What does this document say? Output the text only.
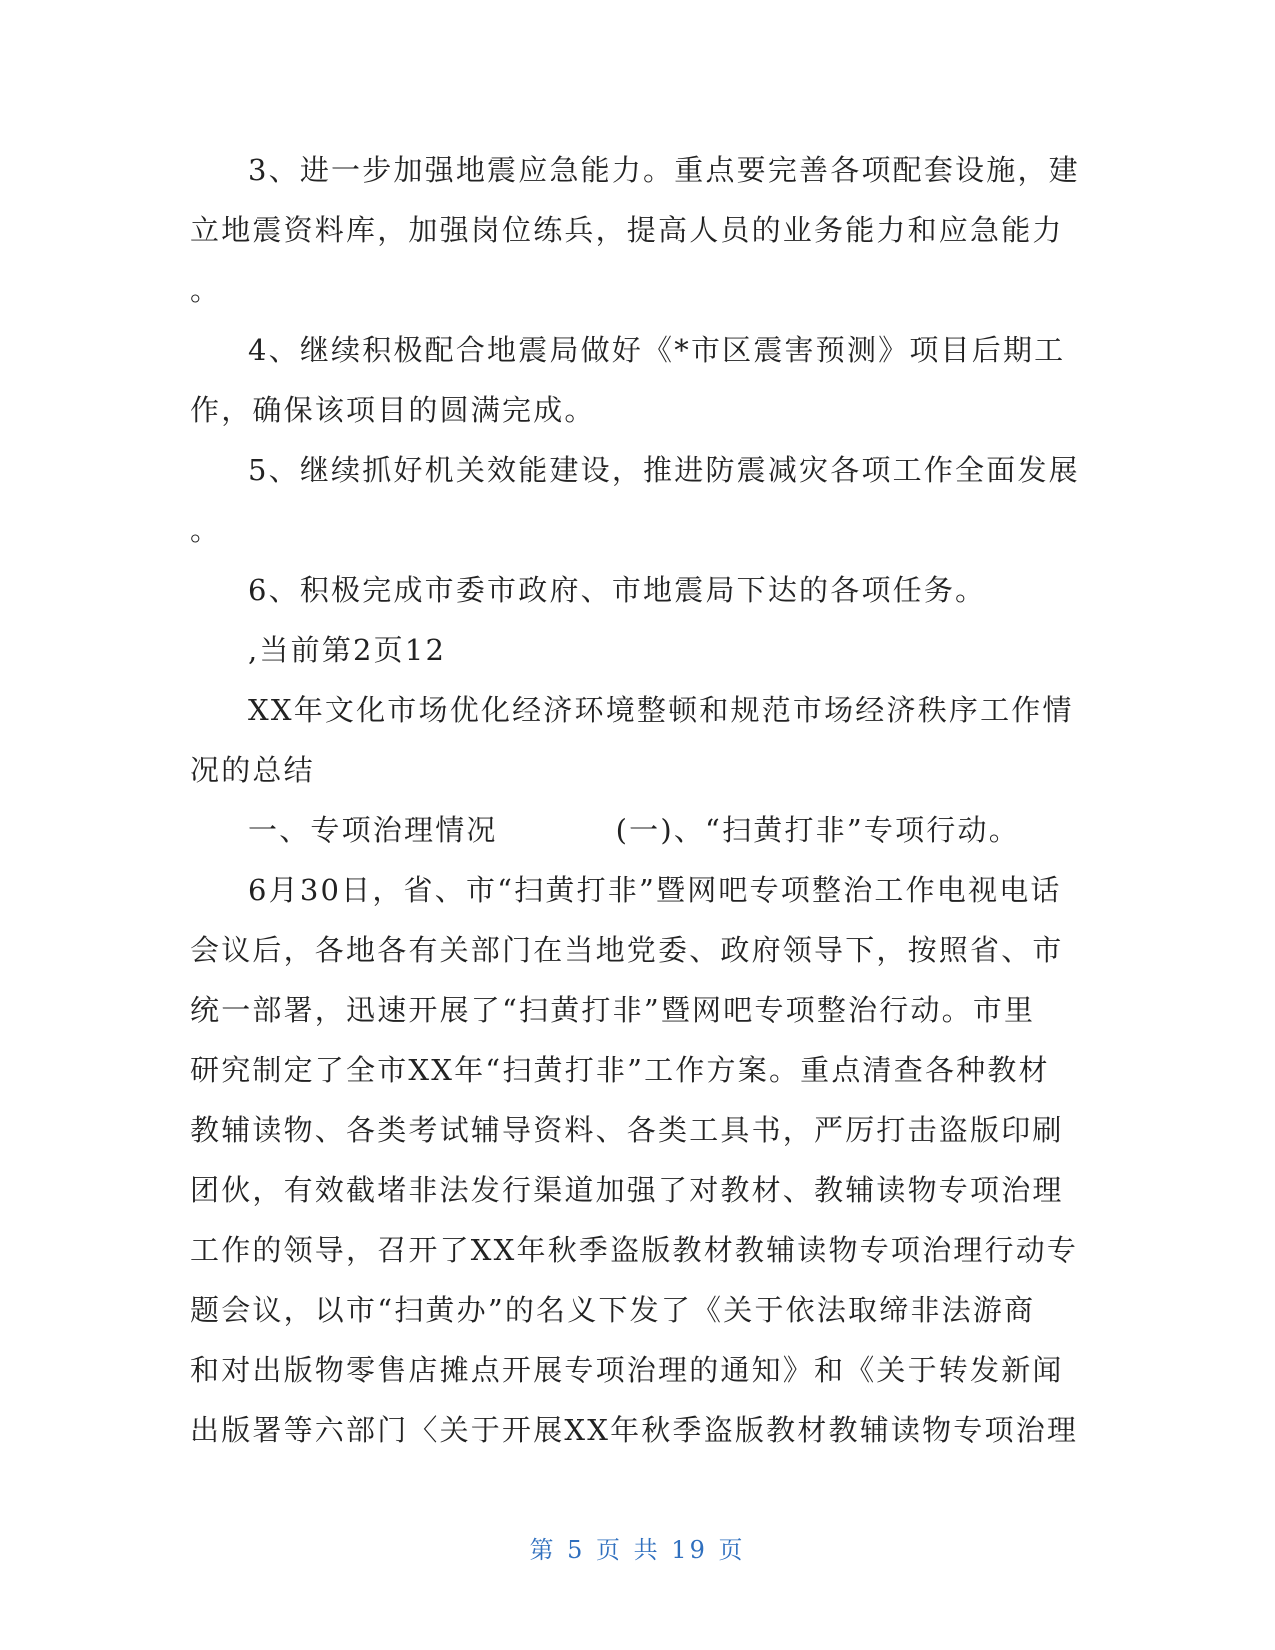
3、进一步加强地震应急能力。重点要完善各项配套设施，建
立地震资料库，加强岗位练兵，提高人员的业务能力和应急能力
。
4、继续积极配合地震局做好《*市区震害预测》项目后期工
作，确保该项目的圆满完成。
5、继续抓好机关效能建设，推进防震减灾各项工作全面发展
。
6、积极完成市委市政府、市地震局下达的各项任务。
,当前第2页12
XX年文化市场优化经济环境整顿和规范市场经济秩序工作情
况的总结
一、专项治理情况	(一)、“扫黄打非”专项行动。
6月30日，省、市“扫黄打非”暨网吧专项整治工作电视电话
会议后，各地各有关部门在当地党委、政府领导下，按照省、市
统一部署，迅速开展了“扫黄打非”暨网吧专项整治行动。市里
研究制定了全市XX年“扫黄打非”工作方案。重点清查各种教材
教辅读物、各类考试辅导资料、各类工具书，严厉打击盗版印刷
团伙，有效截堵非法发行渠道加强了对教材、教辅读物专项治理
工作的领导，召开了XX年秋季盗版教材教辅读物专项治理行动专
题会议，以市“扫黄办”的名义下发了《关于依法取缔非法游商
和对出版物零售店摊点开展专项治理的通知》和《关于转发新闻
出版署等六部门〈关于开展XX年秋季盗版教材教辅读物专项治理
第 5 页 共 19 页
